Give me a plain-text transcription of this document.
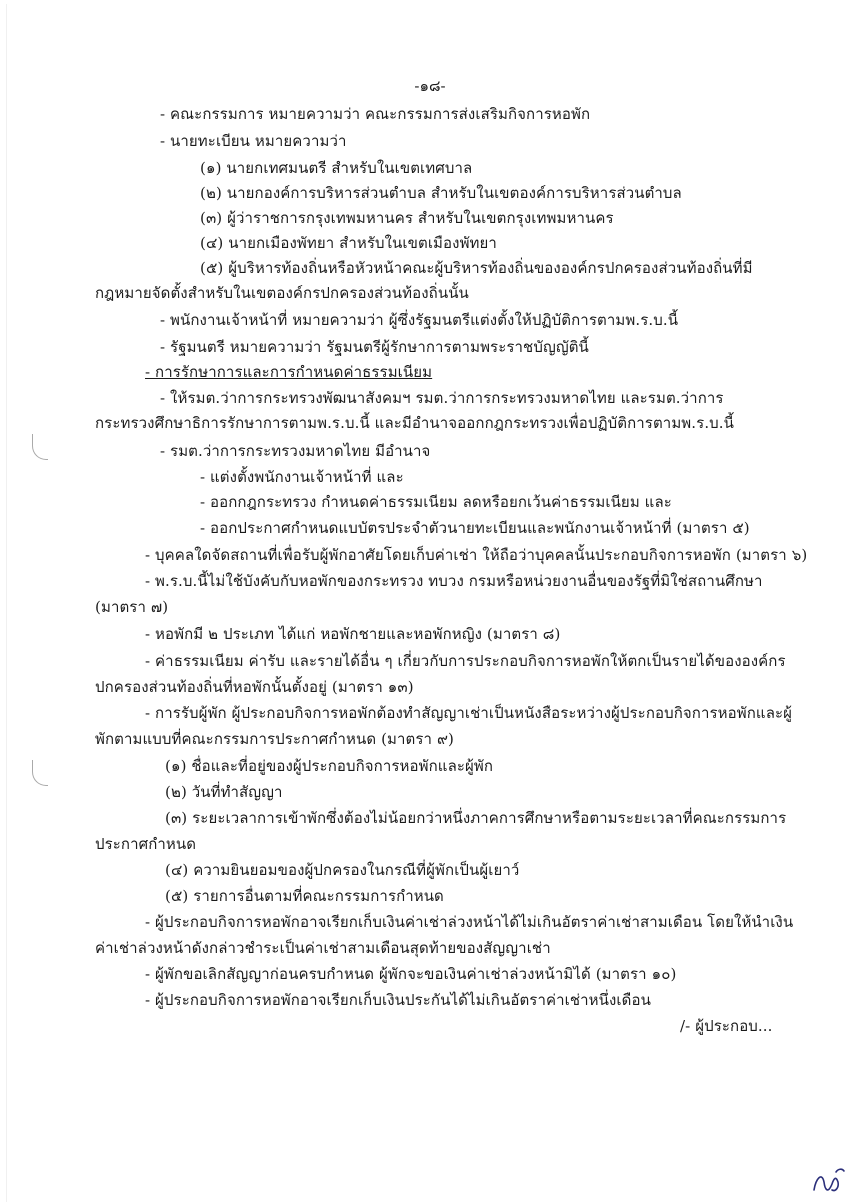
-๑๘-
- คณะกรรมการ หมายความว่า คณะกรรมการส่งเสริมกิจการหอพัก
- นายทะเบียน หมายความว่า
(๑) นายกเทศมนตรี สำหรับในเขตเทศบาล
(๒) นายกองค์การบริหารส่วนตำบล สำหรับในเขตองค์การบริหารส่วนตำบล
(๓) ผู้ว่าราชการกรุงเทพมหานคร สำหรับในเขตกรุงเทพมหานคร
(๔) นายกเมืองพัทยา สำหรับในเขตเมืองพัทยา
(๕) ผู้บริหารท้องถิ่นหรือหัวหน้าคณะผู้บริหารท้องถิ่นขององค์กรปกครองส่วนท้องถิ่นที่มี
กฎหมายจัดตั้งสำหรับในเขตองค์กรปกครองส่วนท้องถิ่นนั้น
- พนักงานเจ้าหน้าที่ หมายความว่า ผู้ซึ่งรัฐมนตรีแต่งตั้งให้ปฏิบัติการตามพ.ร.บ.นี้
- รัฐมนตรี หมายความว่า รัฐมนตรีผู้รักษาการตามพระราชบัญญัตินี้
- การรักษาการและการกำหนดค่าธรรมเนียม
- ให้รมต.ว่าการกระทรวงพัฒนาสังคมฯ รมต.ว่าการกระทรวงมหาดไทย และรมต.ว่าการ
กระทรวงศึกษาธิการรักษาการตามพ.ร.บ.นี้ และมีอำนาจออกกฎกระทรวงเพื่อปฏิบัติการตามพ.ร.บ.นี้
- รมต.ว่าการกระทรวงมหาดไทย มีอำนาจ
- แต่งตั้งพนักงานเจ้าหน้าที่ และ
- ออกกฎกระทรวง กำหนดค่าธรรมเนียม ลดหรือยกเว้นค่าธรรมเนียม และ
- ออกประกาศกำหนดแบบัตรประจำตัวนายทะเบียนและพนักงานเจ้าหน้าที่ (มาตรา ๕)
- บุคคลใดจัดสถานที่เพื่อรับผู้พักอาศัยโดยเก็บค่าเช่า ให้ถือว่าบุคคลนั้นประกอบกิจการหอพัก (มาตรา ๖)
- พ.ร.บ.นี้ไม่ใช้บังคับกับหอพักของกระทรวง ทบวง กรมหรือหน่วยงานอื่นของรัฐที่มิใช่สถานศึกษา
(มาตรา ๗)
- หอพักมี ๒ ประเภท ได้แก่ หอพักชายและหอพักหญิง (มาตรา ๘)
- ค่าธรรมเนียม ค่ารับ และรายได้อื่น ๆ เกี่ยวกับการประกอบกิจการหอพักให้ตกเป็นรายได้ขององค์กร
ปกครองส่วนท้องถิ่นที่หอพักนั้นตั้งอยู่ (มาตรา ๑๓)
- การรับผู้พัก ผู้ประกอบกิจการหอพักต้องทำสัญญาเช่าเป็นหนังสือระหว่างผู้ประกอบกิจการหอพักและผู้
พักตามแบบที่คณะกรรมการประกาศกำหนด (มาตรา ๙)
(๑) ชื่อและที่อยู่ของผู้ประกอบกิจการหอพักและผู้พัก
(๒) วันที่ทำสัญญา
(๓) ระยะเวลาการเข้าพักซึ่งต้องไม่น้อยกว่าหนึ่งภาคการศึกษาหรือตามระยะเวลาที่คณะกรรมการ
ประกาศกำหนด
(๔) ความยินยอมของผู้ปกครองในกรณีที่ผู้พักเป็นผู้เยาว์
(๕) รายการอื่นตามที่คณะกรรมการกำหนด
- ผู้ประกอบกิจการหอพักอาจเรียกเก็บเงินค่าเช่าล่วงหน้าได้ไม่เกินอัตราค่าเช่าสามเดือน โดยให้นำเงิน
ค่าเช่าล่วงหน้าดังกล่าวชำระเป็นค่าเช่าสามเดือนสุดท้ายของสัญญาเช่า
- ผู้พักขอเลิกสัญญาก่อนครบกำหนด ผู้พักจะขอเงินค่าเช่าล่วงหน้ามิได้ (มาตรา ๑๐)
- ผู้ประกอบกิจการหอพักอาจเรียกเก็บเงินประกันได้ไม่เกินอัตราค่าเช่าหนึ่งเดือน
/- ผู้ประกอบ...
